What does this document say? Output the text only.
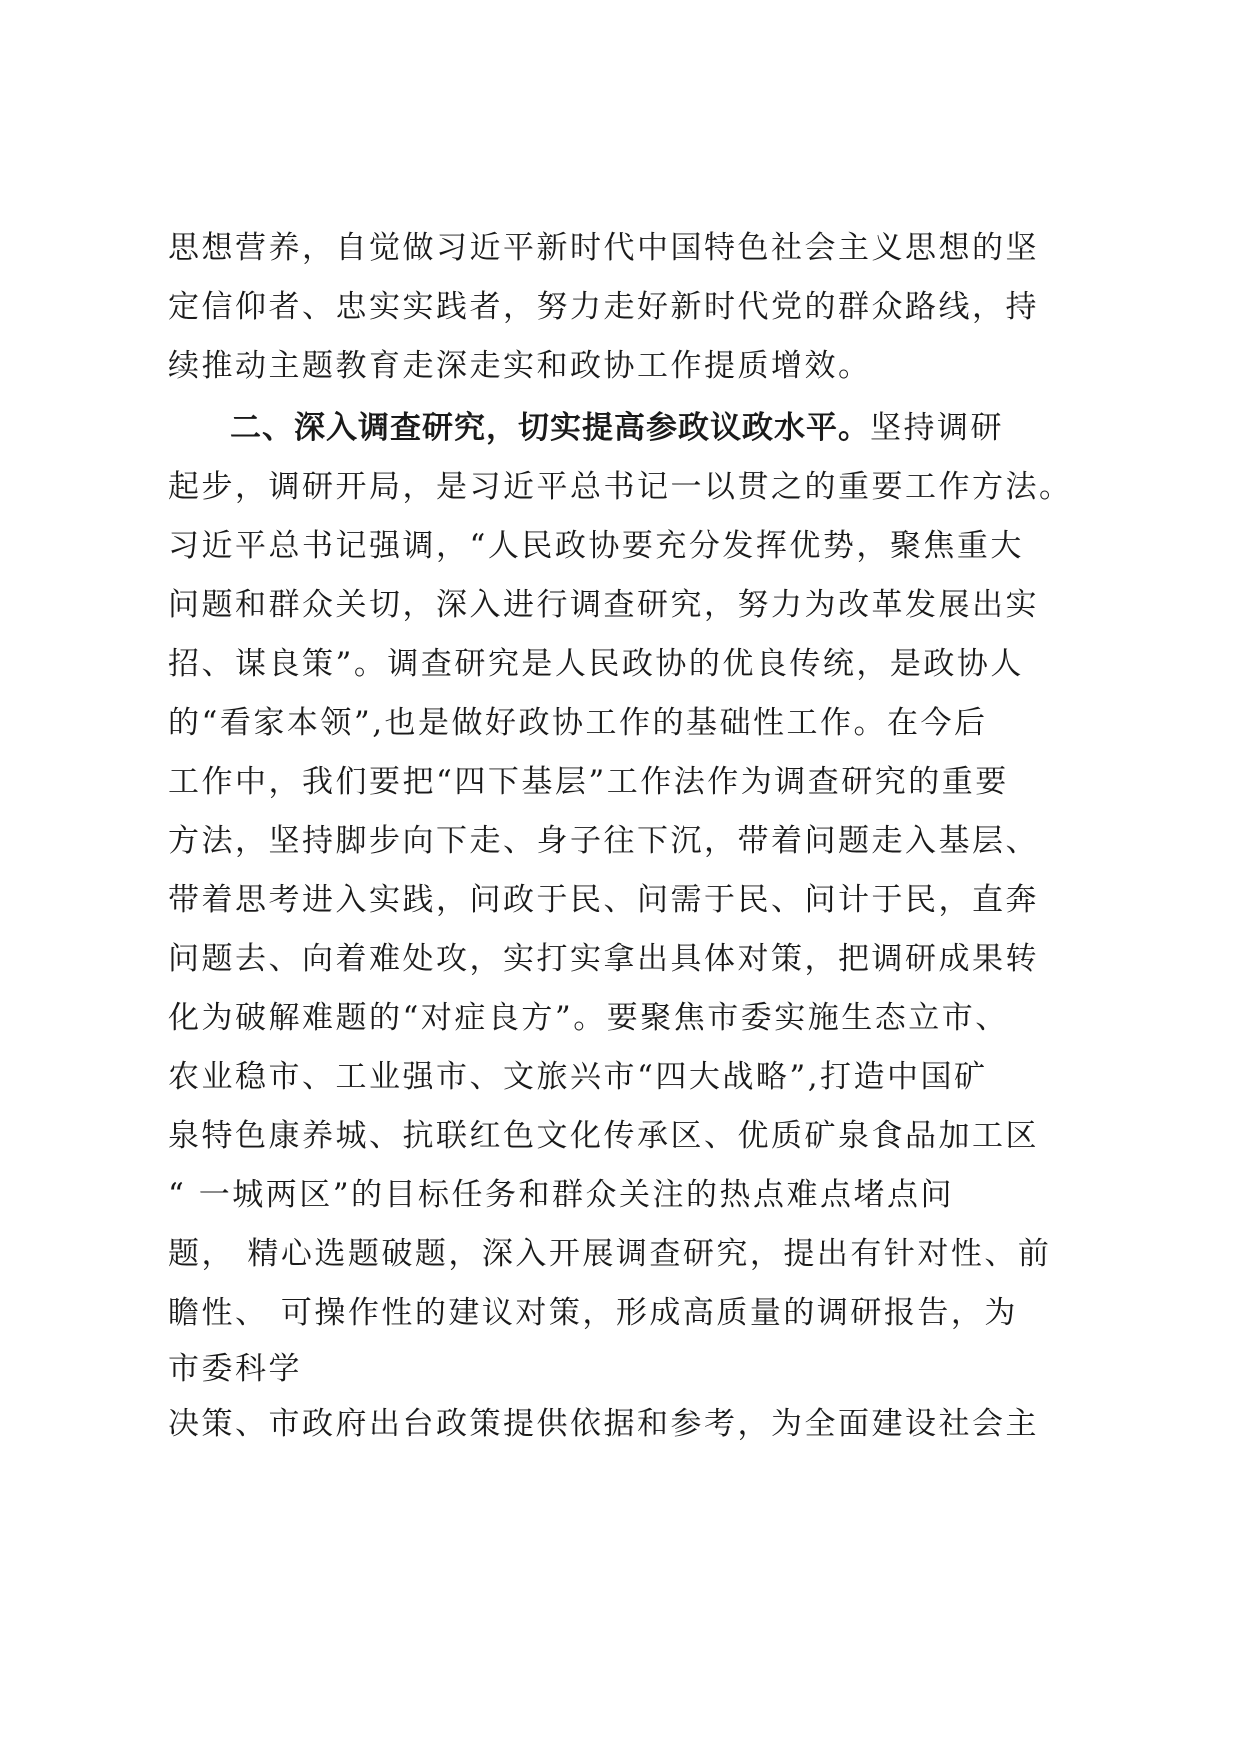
思想营养，自觉做习近平新时代中国特色社会主义思想的坚
定信仰者、忠实实践者，努力走好新时代党的群众路线，持
续推动主题教育走深走实和政协工作提质增效。
二、深入调查研究，切实提高参政议政水平。坚持调研
起步，调研开局，是习近平总书记一以贯之的重要工作方法。
习近平总书记强调，“人民政协要充分发挥优势，聚焦重大
问题和群众关切，深入进行调查研究，努力为改革发展出实
招、谋良策”。调查研究是人民政协的优良传统，是政协人
的“看家本领”,也是做好政协工作的基础性工作。在今后
工作中，我们要把“四下基层”工作法作为调查研究的重要
方法，坚持脚步向下走、身子往下沉，带着问题走入基层、
带着思考进入实践，问政于民、问需于民、问计于民，直奔
问题去、向着难处攻，实打实拿出具体对策，把调研成果转
化为破解难题的“对症良方”。要聚焦市委实施生态立市、
农业稳市、工业强市、文旅兴市“四大战略”,打造中国矿
泉特色康养城、抗联红色文化传承区、优质矿泉食品加工区
“ 一城两区”的目标任务和群众关注的热点难点堵点问
题， 精心选题破题，深入开展调查研究，提出有针对性、前
瞻性、 可操作性的建议对策，形成高质量的调研报告，为
市委科学
决策、市政府出台政策提供依据和参考，为全面建设社会主
